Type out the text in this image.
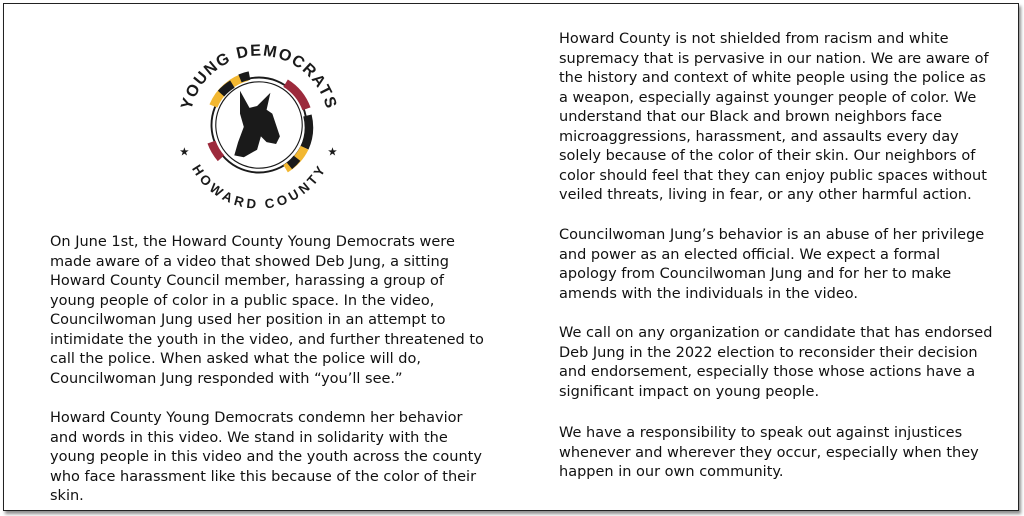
YOUNG DEMOCRATS
HOWARD COUNTY
★	★

On June 1st, the Howard County Young Democrats were made aware of a video that showed Deb Jung, a sitting Howard County Council member, harassing a group of young people of color in a public space. In the video, Councilwoman Jung used her position in an attempt to intimidate the youth in the video, and further threatened to call the police. When asked what the police will do, Councilwoman Jung responded with “you’ll see.”

Howard County Young Democrats condemn her behavior and words in this video. We stand in solidarity with the young people in this video and the youth across the county who face harassment like this because of the color of their skin.

Howard County is not shielded from racism and white supremacy that is pervasive in our nation. We are aware of the history and context of white people using the police as a weapon, especially against younger people of color. We understand that our Black and brown neighbors face microaggressions, harassment, and assaults every day solely because of the color of their skin. Our neighbors of color should feel that they can enjoy public spaces without veiled threats, living in fear, or any other harmful action.

Councilwoman Jung’s behavior is an abuse of her privilege and power as an elected official. We expect a formal apology from Councilwoman Jung and for her to make amends with the individuals in the video.

We call on any organization or candidate that has endorsed Deb Jung in the 2022 election to reconsider their decision and endorsement, especially those whose actions have a significant impact on young people.

We have a responsibility to speak out against injustices whenever and wherever they occur, especially when they happen in our own community.
